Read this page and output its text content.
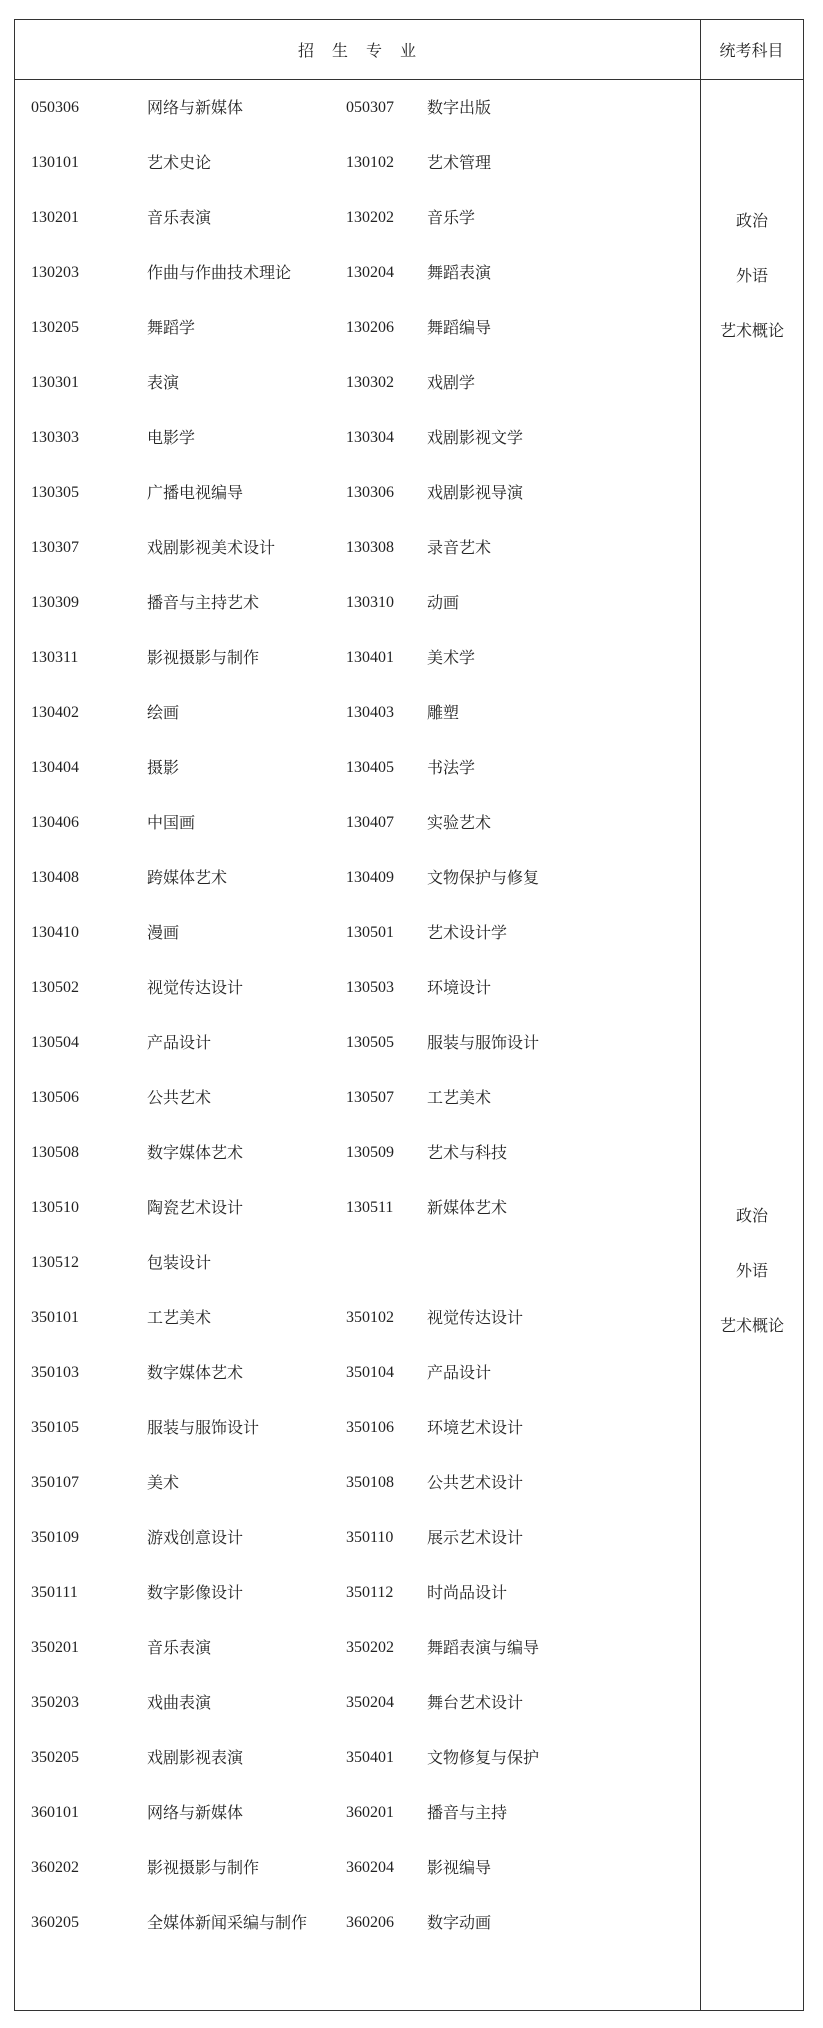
招　生　专　业	统考科目
050306	网络与新媒体	050307 数字出版
130101	艺术史论	130102 艺术管理
130201	音乐表演	130202 音乐学
130203	作曲与作曲技术理论	130204 舞蹈表演
130205	舞蹈学	130206 舞蹈编导
130301	表演	130302 戏剧学
130303	电影学	130304 戏剧影视文学
130305	广播电视编导	130306 戏剧影视导演
130307	戏剧影视美术设计	130308 录音艺术
130309	播音与主持艺术	130310 动画
130311	影视摄影与制作	130401 美术学
130402	绘画	130403 雕塑
130404	摄影	130405 书法学
130406	中国画	130407 实验艺术
130408	跨媒体艺术	130409 文物保护与修复
130410	漫画	130501 艺术设计学
130502	视觉传达设计	130503 环境设计
130504	产品设计	130505 服装与服饰设计
130506	公共艺术	130507 工艺美术
130508	数字媒体艺术	130509 艺术与科技
130510	陶瓷艺术设计	130511 新媒体艺术
130512	包装设计
350101	工艺美术	350102 视觉传达设计
350103	数字媒体艺术	350104 产品设计
350105	服装与服饰设计	350106 环境艺术设计
350107	美术	350108 公共艺术设计
350109	游戏创意设计	350110 展示艺术设计
350111	数字影像设计	350112 时尚品设计
350201	音乐表演	350202 舞蹈表演与编导
350203	戏曲表演	350204 舞台艺术设计
350205	戏剧影视表演	350401 文物修复与保护
360101	网络与新媒体	360201 播音与主持
360202	影视摄影与制作	360204 影视编导
360205	全媒体新闻采编与制作 360206 数字动画
政治
外语
艺术概论
政治
外语
艺术概论
